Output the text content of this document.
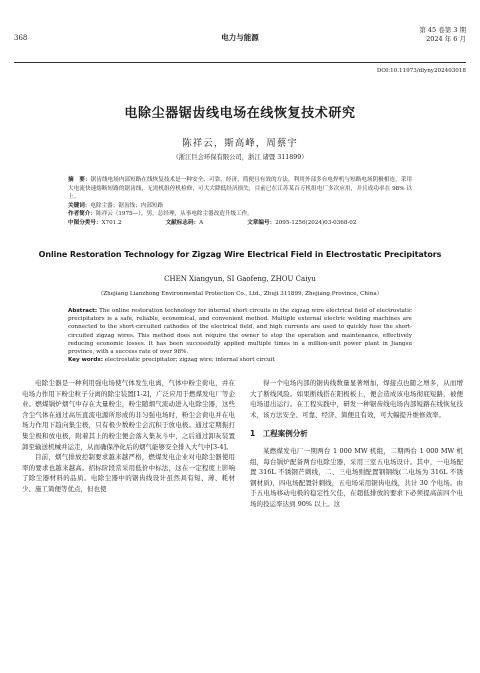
368	电力与能源
第 45 卷第 3 期
2024 年 6 月
DOI:10.11973/dlyny202403018
电除尘器锯齿线电场在线恢复技术研究
陈祥云，斯高峰，周蔡宇
（浙江巨会环保有限公司，浙江 诸暨 311899）
摘　要：锯齿线电场内部短路在线恢复技术是一种安全、可靠、经济、简便且有效的方法，利用外部多台电焊机与短路电场阴极相连，采用大电流快速熔断短路的锯齿线，无需机组停机检修，可大大降低经济损失，目前已在江苏某百万机组电厂多次应用，并且成功率在 98% 以上。
关键词：电除尘器；锯齿线；内部短路
作者简介：陈祥云（1975—），男，总经理，从事电除尘器改造升级工作。
中图分类号：X701.2	文献标志码：A	文章编号：2095-1256(2024)03-0368-02
Online Restoration Technology for Zigzag Wire Electrical Field in Electrostatic Precipitators
CHEN Xiangyun, SI Gaofeng, ZHOU Caiyu
（Zhejiang Lianzhong Environmental Protection Co., Ltd., Zhuji 311899, Zhejiang Province, China）
Abstract: The online restoration technology for internal short circuits in the zigzag wire electrical field of electrostatic precipitators is a safe, reliable, economical, and convenient method. Multiple external electric welding machines are connected to the short-circuited cathodes of the electrical field, and high currents are used to quickly fuse the short-circuited zigzag wires. This method does not require the owner to stop the operation and maintenance, effectively reducing economic losses. It has been successfully applied multiple times in a million-unit power plant in Jiangsu province, with a success rate of over 98%.
Key words: electrostatic precipitator; zigzag wire; internal short circuit

电除尘器是一种利用强电场使气体发生电离，气体中粉尘荷电，并在电场力作用下粉尘粒子分离的除尘装置[1-2]，广泛应用于燃煤发电厂等企业。燃煤锅炉烟气中存在大量粉尘，粉尘随烟气流动进入电除尘器，这些含尘气体在通过高压直流电源所形成的非匀强电场时，粉尘会荷电并在电场力作用下趋向集尘极，只有极少数粉尘会沉积于放电极。通过定期振打集尘极和放电极，附着其上的粉尘便会落入集灰斗中，之后通过卸灰装置卸至输送机械并运走，从而确保净化后的烟气能够安全排入大气中[3-4]。

目前，烟气排放控制要求越来越严格，燃煤发电企业对电除尘器使用率的要求也越来越高。招标阶段常采用低价中标法，这在一定程度上影响了除尘器材料的品质。电除尘器中的锯齿线设计虽然具有短、薄、耗材少、施工简便等优点，但也使

得一个电场内部的锯齿线数量显著增加，焊接点也随之增多，从而增大了断线风险。如果断线搭在阳极板上，便会造成该电场彻底短路，被便电场退出运行。在工程实践中，研发一种锯齿线电场内部短路在线恢复技术，该方法安全、可靠、经济、简便且有效，可大幅提升维修效率。

1　工程案例分析

某燃煤发电厂一期两台 1 000 MW 机组，二期两台 1 000 MW 机组，每台锅炉配备两台电除尘器，采用三室五电场设计。其中，一电场配置 316L 不锈钢芒刺线，二、三电场则配置钢钢线(二电场为 316L 不锈钢材质)，四电场配置针刺线，五电场采用锯齿电线，共计 30 个电场。由于五电场移动电极的稳定性欠佳，在超低排放的要求下必须提高前四个电场的投运率达到 90% 以上。这
